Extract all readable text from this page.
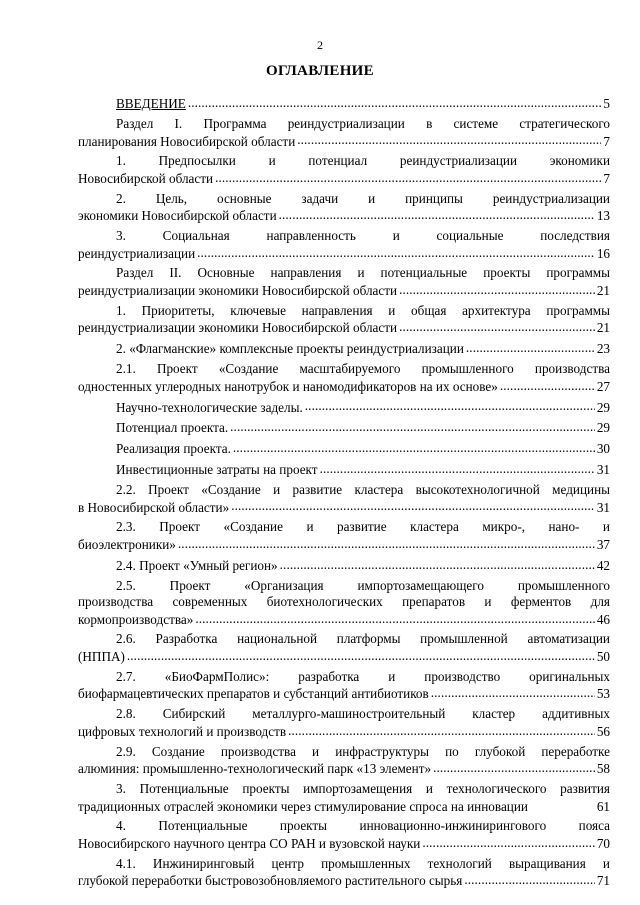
2
ОГЛАВЛЕНИЕ
ВВЕДЕНИЕ . . .	5
Раздел I. Программа реиндустриализации в системе стратегического
планирования Новосибирской области . . .	7
1. Предпосылки и потенциал реиндустриализации экономики
Новосибирской области . . .	7
2. Цель, основные задачи и принципы реиндустриализации
экономики Новосибирской области . . .	13
3. Социальная направленность и социальные последствия
реиндустриализации . . .	16
Раздел II. Основные направления и потенциальные проекты программы
реиндустриализации экономики Новосибирской области . . .	21
1. Приоритеты, ключевые направления и общая архитектура программы
реиндустриализации экономики Новосибирской области . . .	21
2. «Флагманские» комплексные проекты реиндустриализации . . .	23
2.1. Проект «Создание масштабируемого промышленного производства
одностенных углеродных нанотрубок и наномодификаторов на их основе» . . .	27
Научно-технологические заделы. . . .	29
Потенциал проекта. . . .	29
Реализация проекта. . . .	30
Инвестиционные затраты на проект . . .	31
2.2. Проект «Создание и развитие кластера высокотехнологичной медицины
в Новосибирской области» . . .	31
2.3. Проект «Создание и развитие кластера микро-, нано- и
биоэлектроники» . . .	37
2.4. Проект «Умный регион» . . .	42
2.5. Проект «Организация импортозамещающего промышленного
производства современных биотехнологических препаратов и ферментов для
кормопроизводства» . . .	46
2.6. Разработка национальной платформы промышленной автоматизации
(НППА) . . .	50
2.7. «БиоФармПолис»: разработка и производство оригинальных
биофармацевтических препаратов и субстанций антибиотиков . . .	53
2.8. Сибирский металлурго-машиностроительный кластер аддитивных
цифровых технологий и производств . . .	56
2.9. Создание производства и инфраструктуры по глубокой переработке
алюминия: промышленно-технологический парк «13 элемент» . . .	58
3. Потенциальные проекты импортозамещения и технологического развития
традиционных отраслей экономики через стимулирование спроса на инновации	61
4. Потенциальные проекты инновационно-инжинирингового пояса
Новосибирского научного центра СО РАН и вузовской науки . . .	70
4.1. Инжиниринговый центр промышленных технологий выращивания и
глубокой переработки быстровозобновляемого растительного сырья . . .	71
